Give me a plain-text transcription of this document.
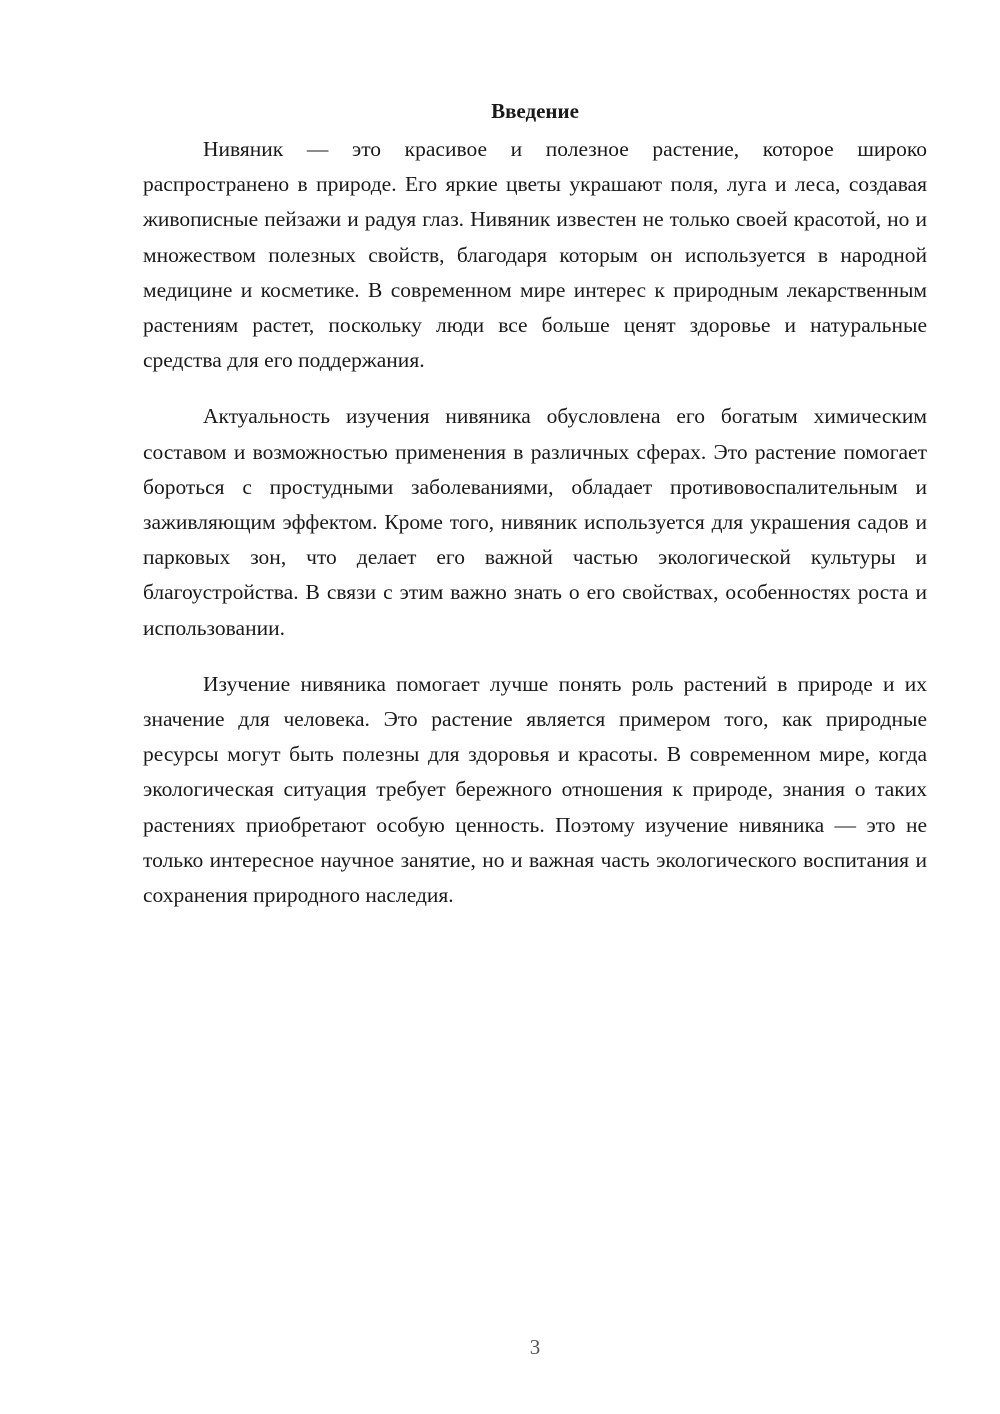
Введение

Нивяник — это красивое и полезное растение, которое широко распространено в природе. Его яркие цветы украшают поля, луга и леса, создавая живописные пейзажи и радуя глаз. Нивяник известен не только своей красотой, но и множеством полезных свойств, благодаря которым он используется в народной медицине и косметике. В современном мире интерес к природным лекарственным растениям растет, поскольку люди все больше ценят здоровье и натуральные средства для его поддержания.

Актуальность изучения нивяника обусловлена его богатым химическим составом и возможностью применения в различных сферах. Это растение помогает бороться с простудными заболеваниями, обладает противовоспалительным и заживляющим эффектом. Кроме того, нивяник используется для украшения садов и парковых зон, что делает его важной частью экологической культуры и благоустройства. В связи с этим важно знать о его свойствах, особенностях роста и использовании.

Изучение нивяника помогает лучше понять роль растений в природе и их значение для человека. Это растение является примером того, как природные ресурсы могут быть полезны для здоровья и красоты. В современном мире, когда экологическая ситуация требует бережного отношения к природе, знания о таких растениях приобретают особую ценность. Поэтому изучение нивяника — это не только интересное научное занятие, но и важная часть экологического воспитания и сохранения природного наследия.

3
